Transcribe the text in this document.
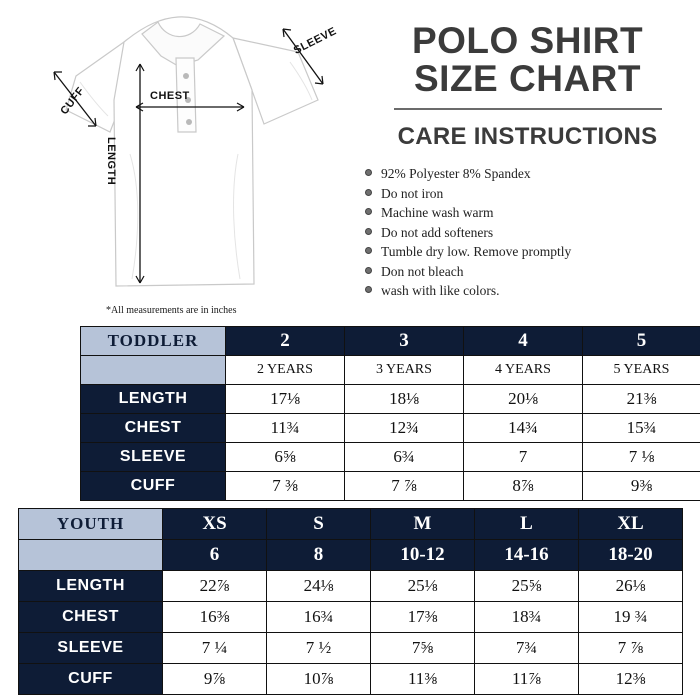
CHEST
SLEEVE
CUFF
LENGTH
*All measurements are in inches
POLO SHIRT
SIZE CHART
CARE INSTRUCTIONS
92% Polyester 8% Spandex
Do not iron
Machine wash warm
Do not add softeners
Tumble dry low. Remove promptly
Don not bleach
wash with like colors.
TODDLER	2	3	4	5
	2 YEARS	3 YEARS	4 YEARS	5 YEARS
LENGTH	17⅛	18⅛	20⅛	21⅜
CHEST	11¾	12¾	14¾	15¾
SLEEVE	6⅝	6¾	7	7 ⅛
CUFF	7 ⅜	7 ⅞	8⅞	9⅜
YOUTH	XS	S	M	L	XL
	6	8	10-12	14-16	18-20
LENGTH	22⅞	24⅛	25⅛	25⅝	26⅛
CHEST	16⅜	16¾	17⅜	18¾	19 ¾
SLEEVE	7 ¼	7 ½	7⅝	7¾	7 ⅞
CUFF	9⅞	10⅞	11⅜	11⅞	12⅜
